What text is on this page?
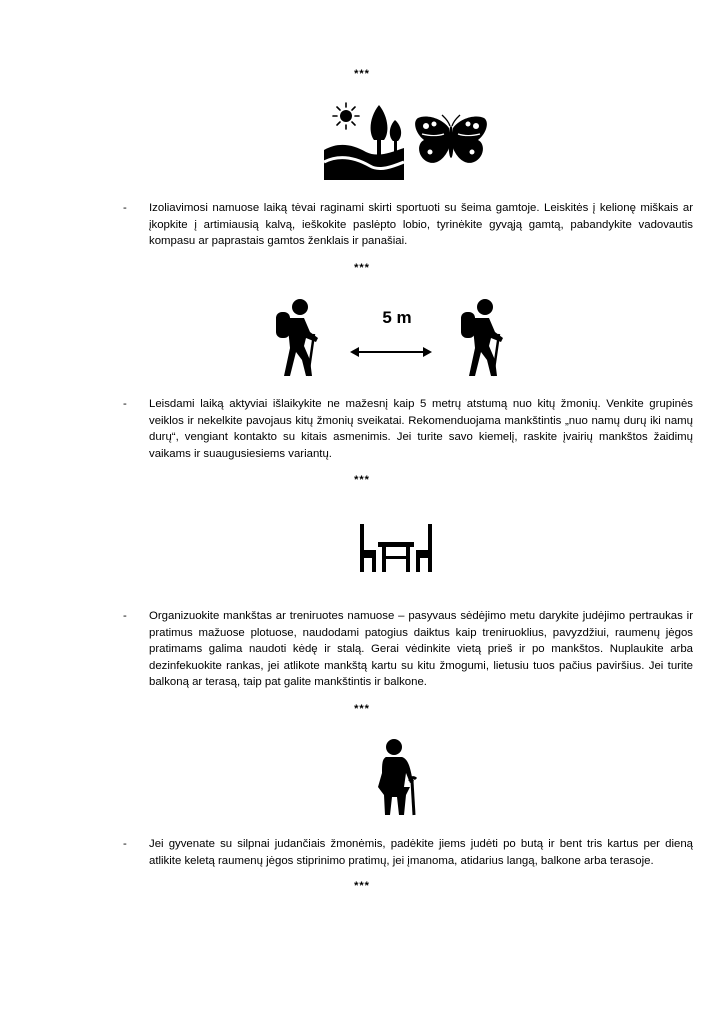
***
***
***
***
***
5 m
- Izoliavimosi namuose laiką tėvai raginami skirti sportuoti su šeima gamtoje. Leiskitės į kelionę miškais ar įkopkite į artimiausią kalvą, ieškokite paslėpto lobio, tyrinėkite gyvąją gamtą, pabandykite vadovautis kompasu ar paprastais gamtos ženklais ir panašiai.
- Leisdami laiką aktyviai išlaikykite ne mažesnį kaip 5 metrų atstumą nuo kitų žmonių. Venkite grupinės veiklos ir nekelkite pavojaus kitų žmonių sveikatai. Rekomenduojama mankštintis „nuo namų durų iki namų durų“, vengiant kontakto su kitais asmenimis. Jei turite savo kiemelį, raskite įvairių mankštos žaidimų vaikams ir suaugusiesiems variantų.
- Organizuokite mankštas ar treniruotes namuose – pasyvaus sėdėjimo metu darykite judėjimo pertraukas ir pratimus mažuose plotuose, naudodami patogius daiktus kaip treniruoklius, pavyzdžiui, raumenų jėgos pratimams galima naudoti kėdę ir stalą. Gerai vėdinkite vietą prieš ir po mankštos. Nuplaukite arba dezinfekuokite rankas, jei atlikote mankštą kartu su kitu žmogumi, lietusiu tuos pačius paviršius. Jei turite balkoną ar terasą, taip pat galite mankštintis ir balkone.
- Jei gyvenate su silpnai judančiais žmonėmis, padėkite jiems judėti po butą ir bent tris kartus per dieną atlikite keletą raumenų jėgos stiprinimo pratimų, jei įmanoma, atidarius langą, balkone arba terasoje.
